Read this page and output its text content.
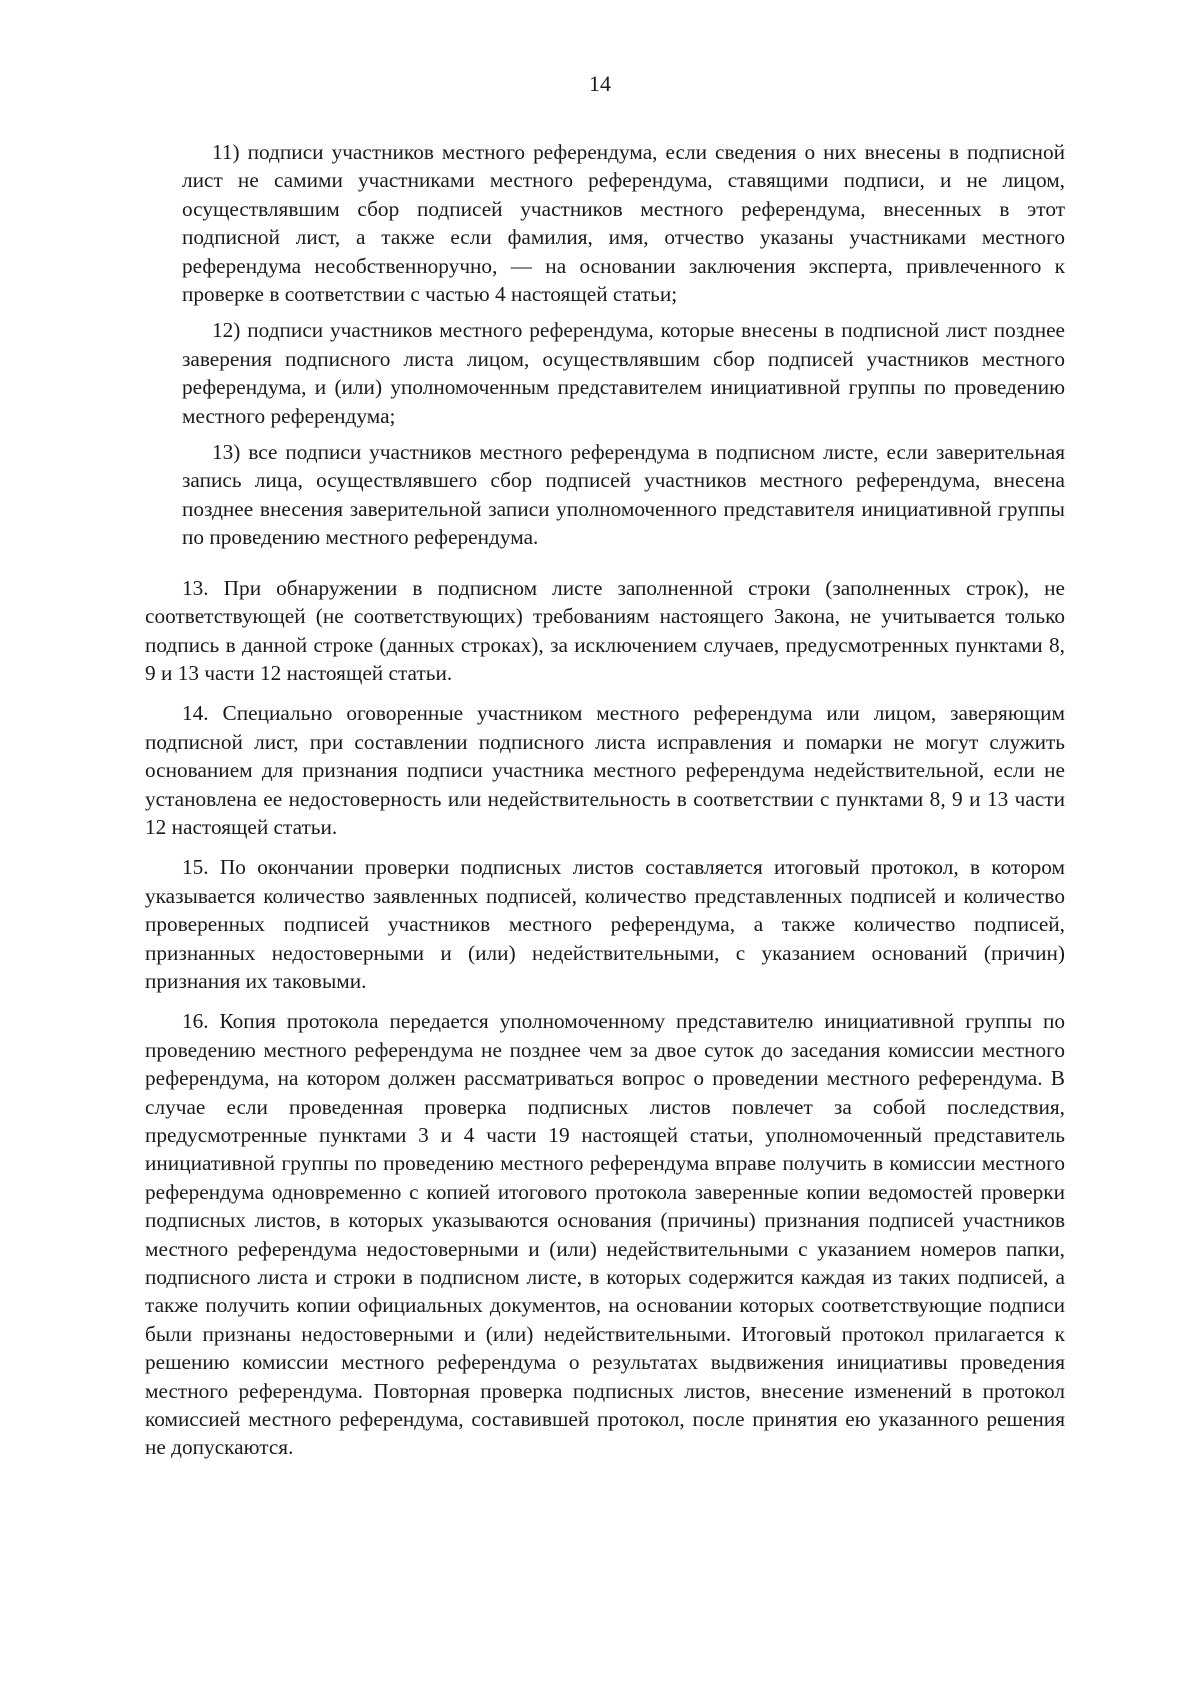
14

11) подписи участников местного референдума, если сведения о них внесены в подписной лист не самими участниками местного референдума, ставящими подписи, и не лицом, осуществлявшим сбор подписей участников местного референдума, внесенных в этот подписной лист, а также если фамилия, имя, отчество указаны участниками местного референдума несобственноручно, — на основании заключения эксперта, привлеченного к проверке в соответствии с частью 4 настоящей статьи;

12) подписи участников местного референдума, которые внесены в подписной лист позднее заверения подписного листа лицом, осуществлявшим сбор подписей участников местного референдума, и (или) уполномоченным представителем инициативной группы по проведению местного референдума;

13) все подписи участников местного референдума в подписном листе, если заверительная запись лица, осуществлявшего сбор подписей участников местного референдума, внесена позднее внесения заверительной записи уполномоченного представителя инициативной группы по проведению местного референдума.

13. При обнаружении в подписном листе заполненной строки (заполненных строк), не соответствующей (не соответствующих) требованиям настоящего Закона, не учитывается только подпись в данной строке (данных строках), за исключением случаев, предусмотренных пунктами 8, 9 и 13 части 12 настоящей статьи.

14. Специально оговоренные участником местного референдума или лицом, заверяющим подписной лист, при составлении подписного листа исправления и помарки не могут служить основанием для признания подписи участника местного референдума недействительной, если не установлена ее недостоверность или недействительность в соответствии с пунктами 8, 9 и 13 части 12 настоящей статьи.

15. По окончании проверки подписных листов составляется итоговый протокол, в котором указывается количество заявленных подписей, количество представленных подписей и количество проверенных подписей участников местного референдума, а также количество подписей, признанных недостоверными и (или) недействительными, с указанием оснований (причин) признания их таковыми.

16. Копия протокола передается уполномоченному представителю инициативной группы по проведению местного референдума не позднее чем за двое суток до заседания комиссии местного референдума, на котором должен рассматриваться вопрос о проведении местного референдума. В случае если проведенная проверка подписных листов повлечет за собой последствия, предусмотренные пунктами 3 и 4 части 19 настоящей статьи, уполномоченный представитель инициативной группы по проведению местного референдума вправе получить в комиссии местного референдума одновременно с копией итогового протокола заверенные копии ведомостей проверки подписных листов, в которых указываются основания (причины) признания подписей участников местного референдума недостоверными и (или) недействительными с указанием номеров папки, подписного листа и строки в подписном листе, в которых содержится каждая из таких подписей, а также получить копии официальных документов, на основании которых соответствующие подписи были признаны недостоверными и (или) недействительными. Итоговый протокол прилагается к решению комиссии местного референдума о результатах выдвижения инициативы проведения местного референдума. Повторная проверка подписных листов, внесение изменений в протокол комиссией местного референдума, составившей протокол, после принятия ею указанного решения не допускаются.
